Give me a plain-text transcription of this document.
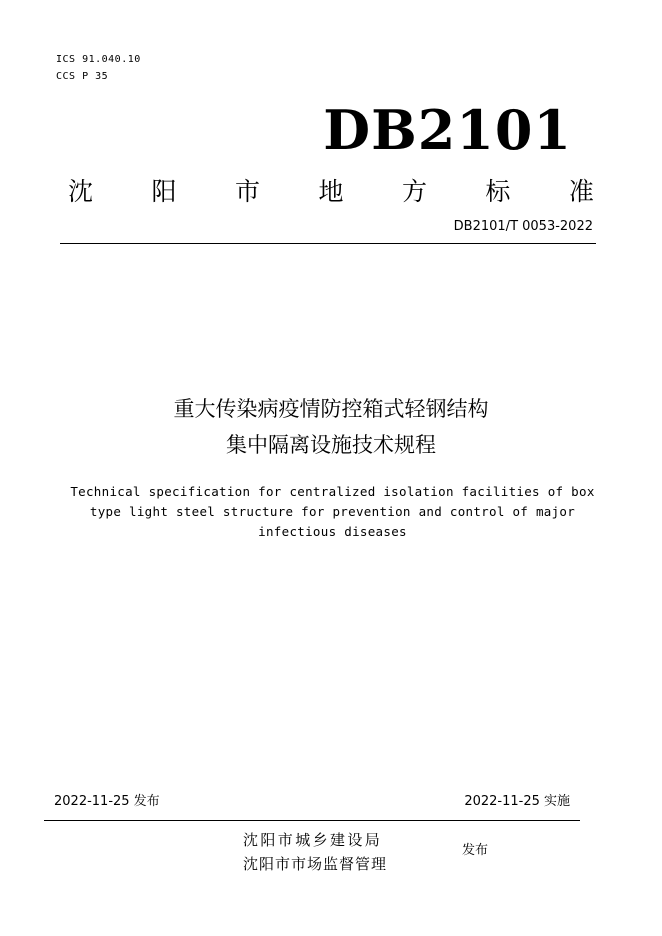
ICS 91.040.10
CCS P 35
DB2101
沈 阳 市 地 方 标 准
DB2101/T 0053-2022
重大传染病疫情防控箱式轻钢结构
集中隔离设施技术规程
Technical specification for centralized isolation facilities of box
type light steel structure for prevention and control of major
infectious diseases
2022-11-25 发布	2022-11-25 实施
沈阳市城乡建设局
沈阳市市场监督管理
发布
